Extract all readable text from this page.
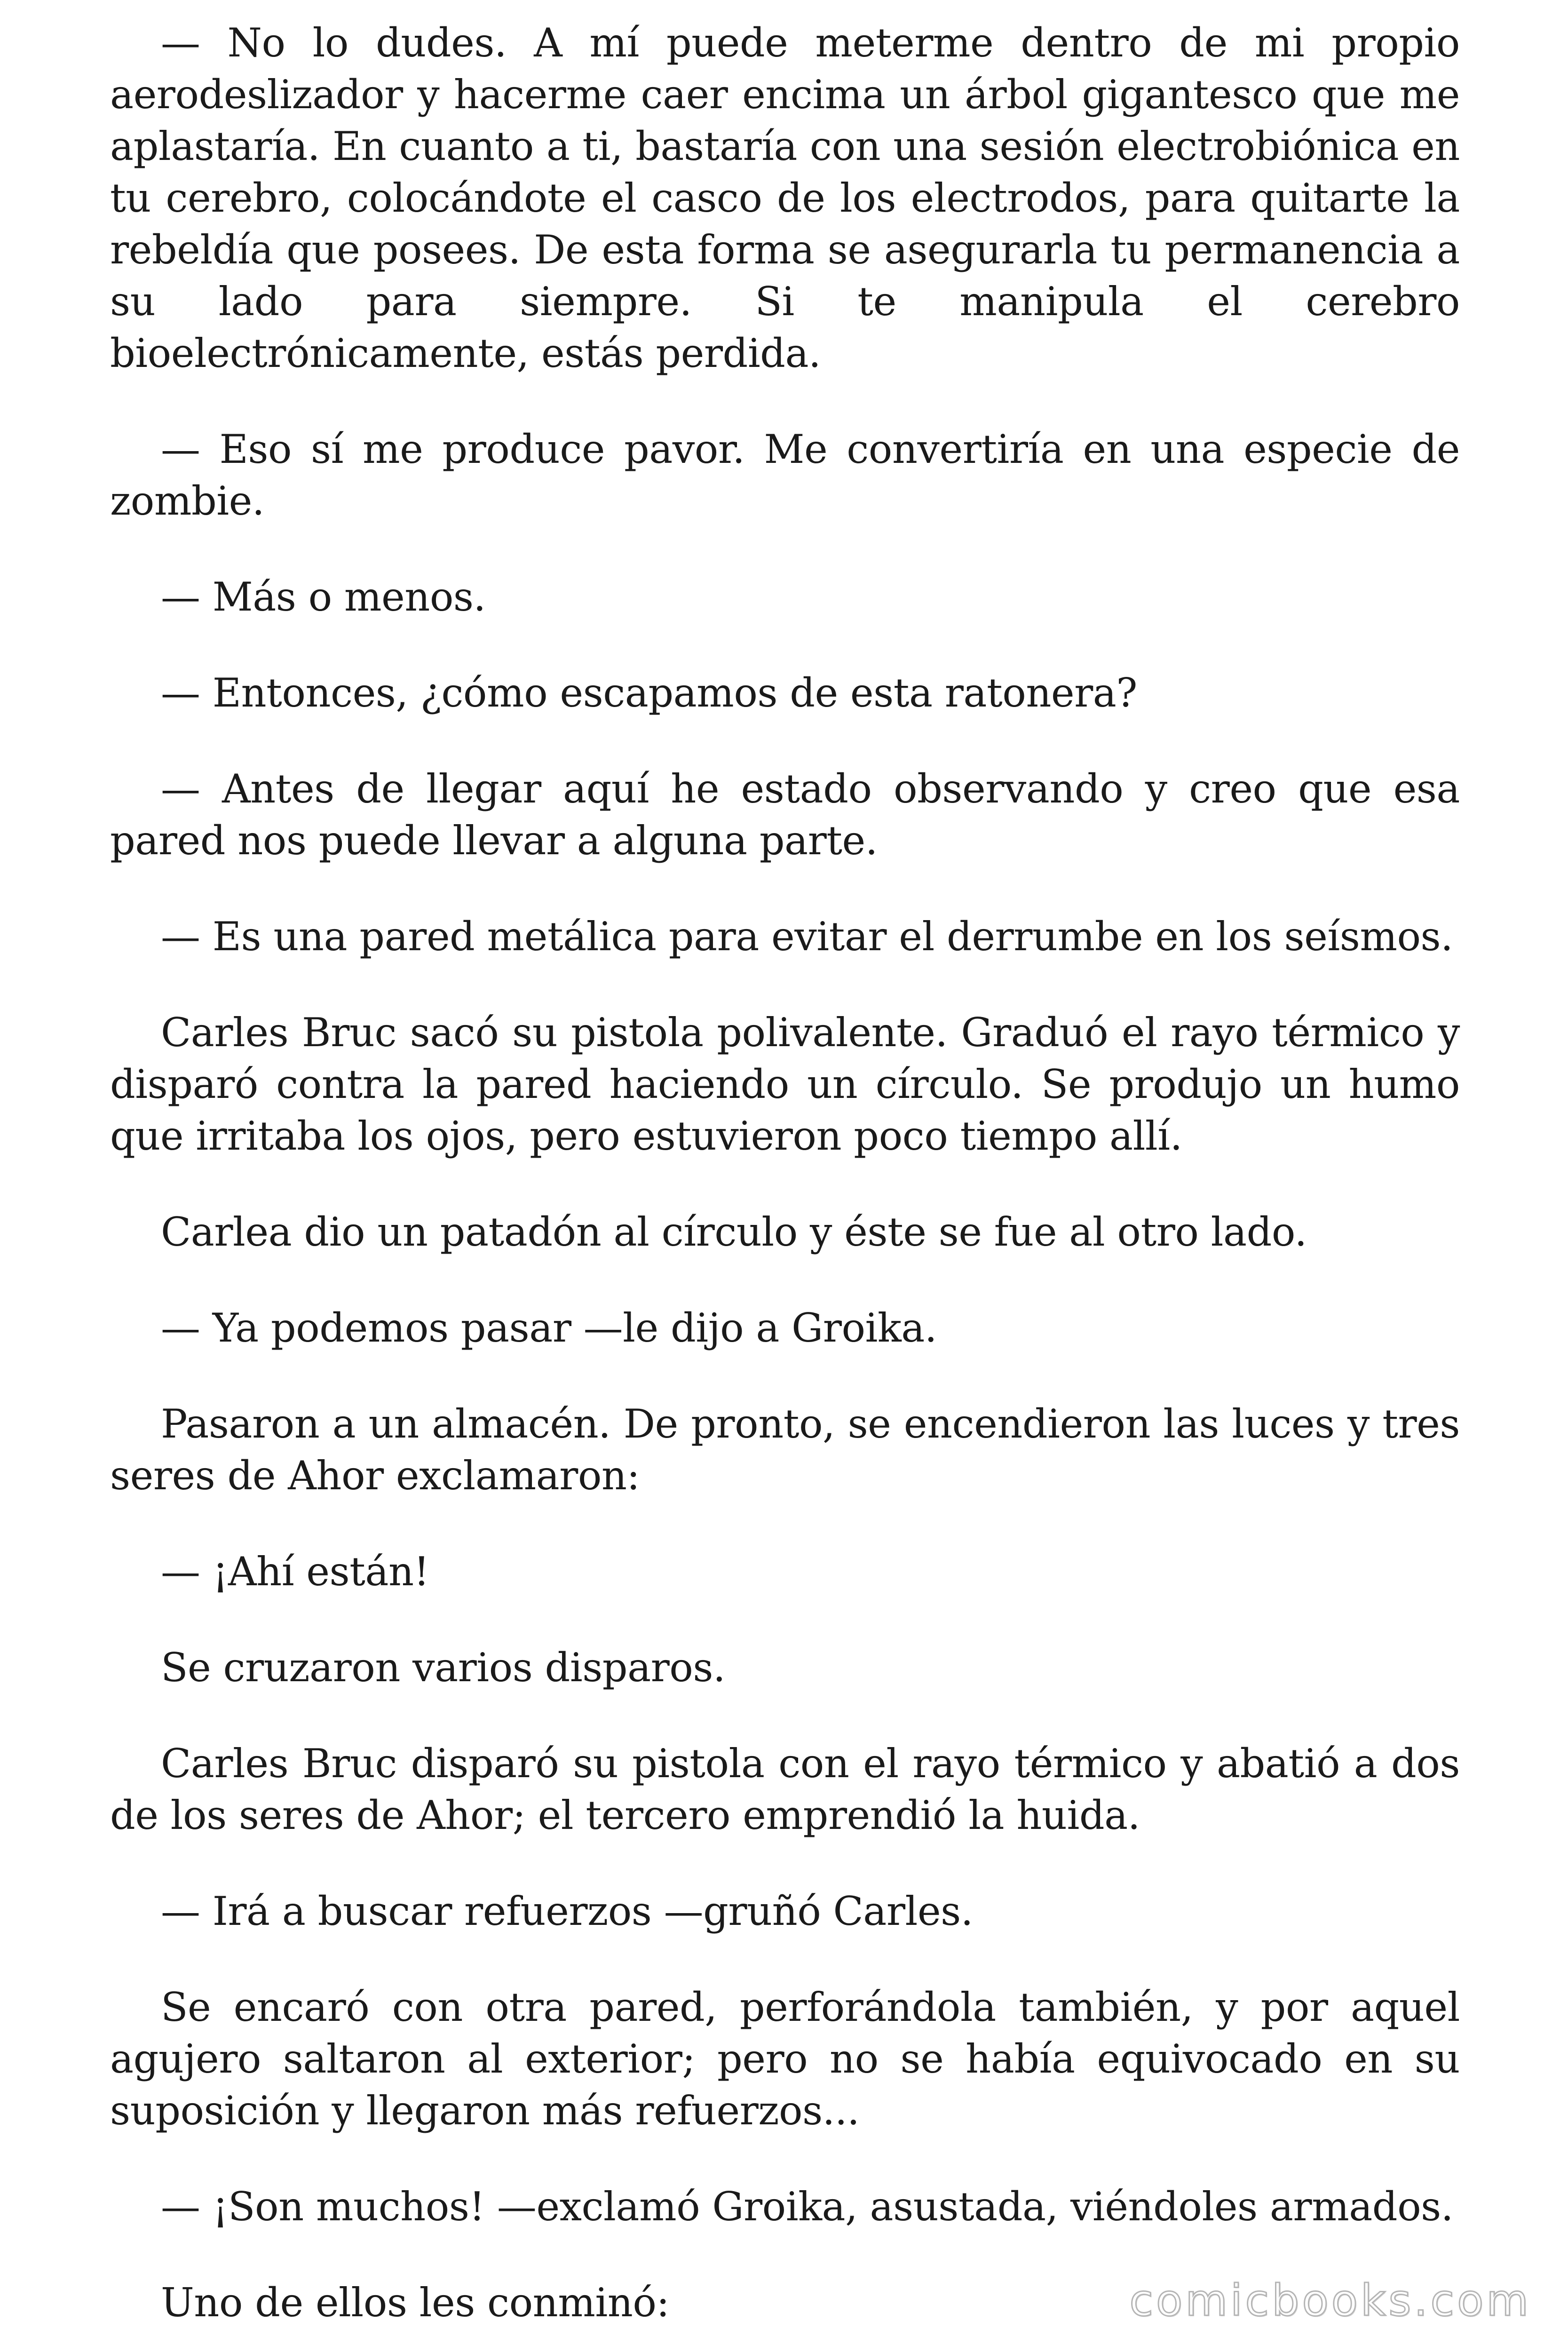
— No lo dudes. A mí puede meterme dentro de mi propio aerodeslizador y hacerme caer encima un árbol gigantesco que me aplastaría. En cuanto a ti, bastaría con una sesión electrobiónica en tu cerebro, colocándote el casco de los electrodos, para quitarte la rebeldía que posees. De esta forma se asegurarla tu permanencia a su lado para siempre. Si te manipula el cerebro bioelectrónicamente, estás perdida.

— Eso sí me produce pavor. Me convertiría en una especie de zombie.

— Más o menos.

— Entonces, ¿cómo escapamos de esta ratonera?

— Antes de llegar aquí he estado observando y creo que esa pared nos puede llevar a alguna parte.

— Es una pared metálica para evitar el derrumbe en los seísmos.

Carles Bruc sacó su pistola polivalente. Graduó el rayo térmico y disparó contra la pared haciendo un círculo. Se produjo un humo que irritaba los ojos, pero estuvieron poco tiempo allí.

Carlea dio un patadón al círculo y éste se fue al otro lado.

— Ya podemos pasar —le dijo a Groika.

Pasaron a un almacén. De pronto, se encendieron las luces y tres seres de Ahor exclamaron:

— ¡Ahí están!

Se cruzaron varios disparos.

Carles Bruc disparó su pistola con el rayo térmico y abatió a dos de los seres de Ahor; el tercero emprendió la huida.

— Irá a buscar refuerzos —gruñó Carles.

Se encaró con otra pared, perforándola también, y por aquel agujero saltaron al exterior; pero no se había equivocado en su suposición y llegaron más refuerzos...

— ¡Son muchos! —exclamó Groika, asustada, viéndoles armados.

Uno de ellos les conminó:	comicbooks.com
